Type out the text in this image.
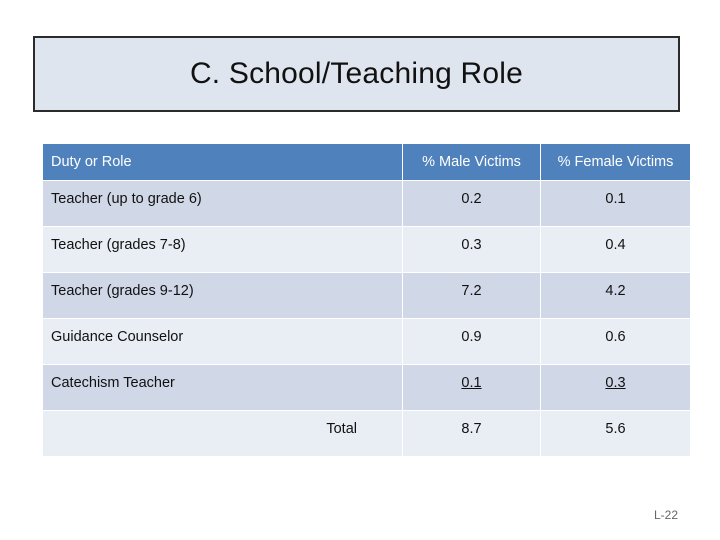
C. School/Teaching Role
Duty or Role	% Male Victims	% Female Victims
Teacher (up to grade 6)	0.2	0.1
Teacher (grades 7-8)	0.3	0.4
Teacher (grades 9-12)	7.2	4.2
Guidance Counselor	0.9	0.6
Catechism Teacher	0.1	0.3
Total	8.7	5.6
L-22
